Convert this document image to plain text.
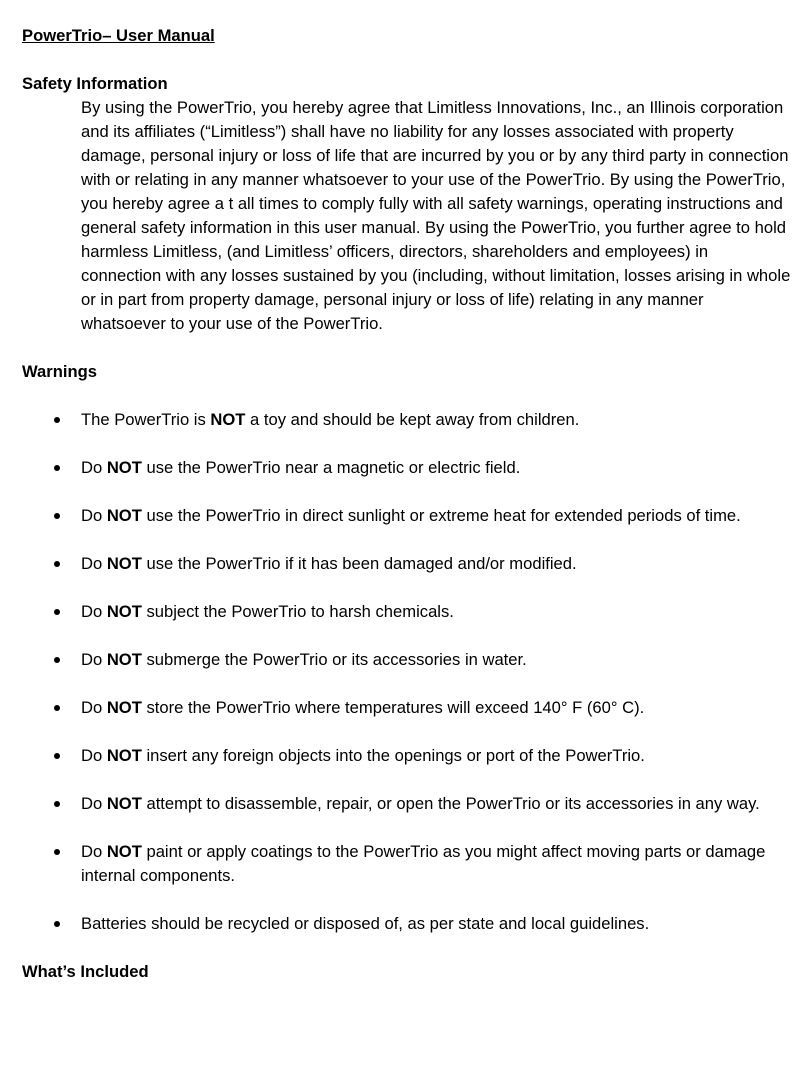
PowerTrio– User Manual

Safety Information

By using the PowerTrio, you hereby agree that Limitless Innovations, Inc., an Illinois corporation and its affiliates (“Limitless”) shall have no liability for any losses associated with property damage, personal injury or loss of life that are incurred by you or by any third party in connection with or relating in any manner whatsoever to your use of the PowerTrio. By using the PowerTrio, you hereby agree a t all times to comply fully with all safety warnings, operating instructions and general safety information in this user manual. By using the PowerTrio, you further agree to hold harmless Limitless, (and Limitless’ officers, directors, shareholders and employees) in connection with any losses sustained by you (including, without limitation, losses arising in whole or in part from property damage, personal injury or loss of life) relating in any manner whatsoever to your use of the PowerTrio.

Warnings

The PowerTrio is NOT a toy and should be kept away from children.
Do NOT use the PowerTrio near a magnetic or electric field.
Do NOT use the PowerTrio in direct sunlight or extreme heat for extended periods of time.
Do NOT use the PowerTrio if it has been damaged and/or modified.
Do NOT subject the PowerTrio to harsh chemicals.
Do NOT submerge the PowerTrio or its accessories in water.
Do NOT store the PowerTrio where temperatures will exceed 140° F (60° C).
Do NOT insert any foreign objects into the openings or port of the PowerTrio.
Do NOT attempt to disassemble, repair, or open the PowerTrio or its accessories in any way.
Do NOT paint or apply coatings to the PowerTrio as you might affect moving parts or damage internal components.
Batteries should be recycled or disposed of, as per state and local guidelines.

What’s Included
